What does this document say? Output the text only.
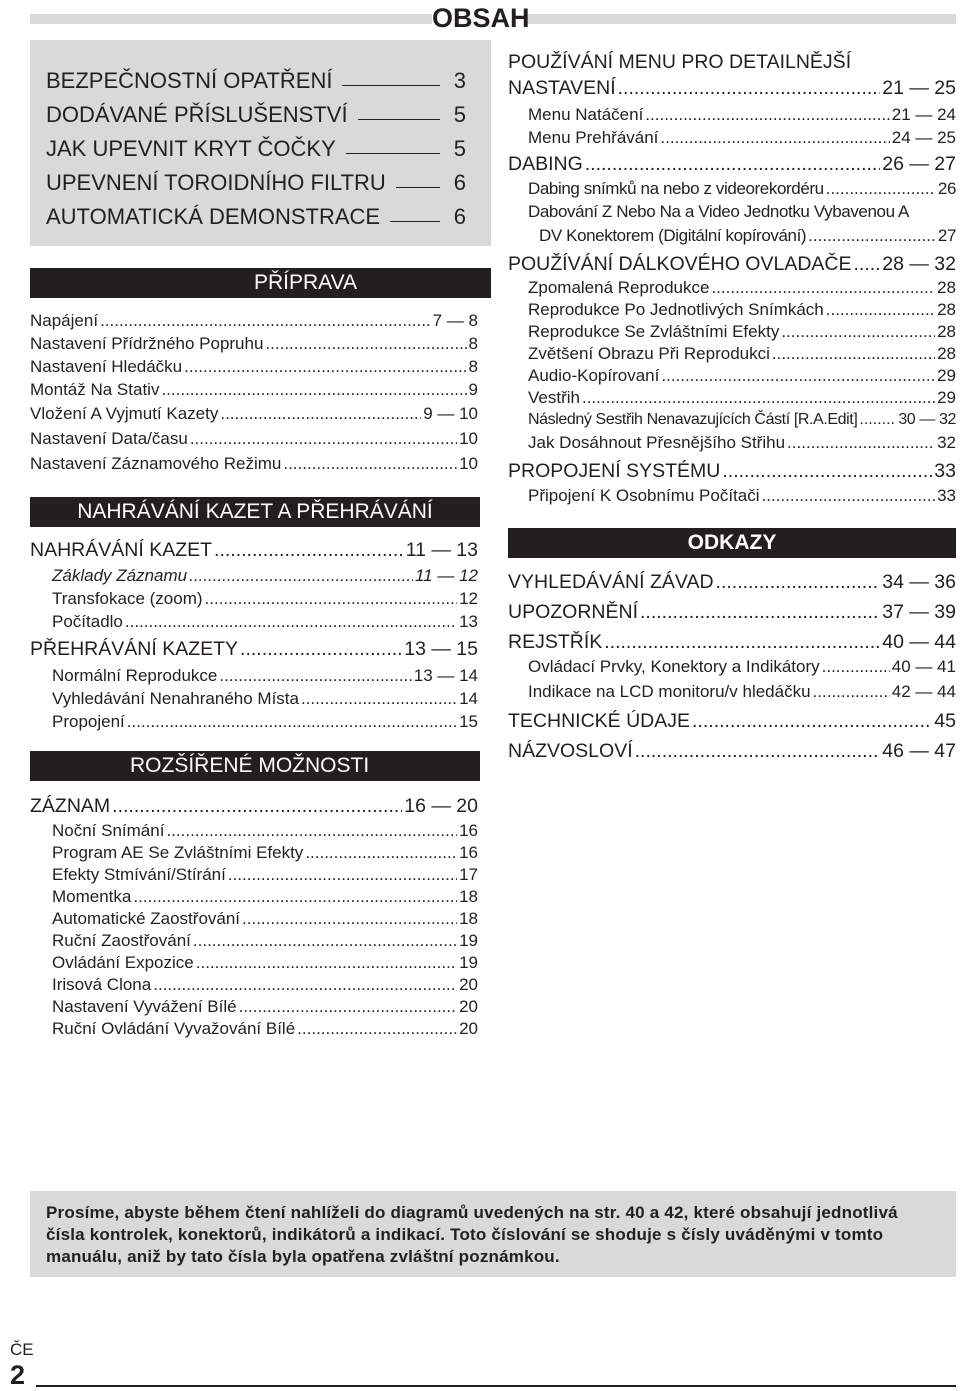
OBSAH
BEZPEČNOSTNÍ OPATŘENÍ	3
DODÁVANÉ PŘÍSLUŠENSTVÍ	5
JAK UPEVNIT KRYT ČOČKY	5
UPEVNENÍ TOROIDNÍHO FILTRU	6
AUTOMATICKÁ DEMONSTRACE	6
PŘÍPRAVA
Napájení .....	7 — 8
Nastavení Přídržného Popruhu .....	8
Nastavení Hledáčku .....	8
Montáž Na Stativ .....	9
Vložení A Vyjmutí Kazety .....	9 — 10
Nastavení Data/času .....	10
Nastavení Záznamového Režimu .....	10
NAHRÁVÁNÍ KAZET A PŘEHRÁVÁNÍ
NAHRÁVÁNÍ KAZET .....	11 — 13
Základy Záznamu .....	11 — 12
Transfokace (zoom) .....	12
Počítadlo .....	13
PŘEHRÁVÁNÍ KAZETY .....	13 — 15
Normální Reprodukce .....	13 — 14
Vyhledávání Nenahraného Místa .....	14
Propojení .....	15
ROZŠÍŘENÉ MOŽNOSTI
ZÁZNAM .....	16 — 20
Noční Snímání .....	16
Program AE Se Zvláštními Efekty .....	16
Efekty Stmívání/Stírání .....	17
Momentka .....	18
Automatické Zaostřování .....	18
Ruční Zaostřování .....	19
Ovládání Expozice .....	19
Irisová Clona .....	20
Nastavení Vyvážení Bílé .....	20
Ruční Ovládání Vyvažování Bílé .....	20
POUŽÍVÁNÍ MENU PRO DETAILNĚJŠÍ
NASTAVENÍ .....	21 — 25
Menu Natáčení .....	21 — 24
Menu Prehřávání .....	24 — 25
DABING .....	26 — 27
Dabing snímků na nebo z videorekordéru .....	26
Dabování Z Nebo Na a Video Jednotku Vybavenou A
DV Konektorem (Digitální kopírování) .....	27
POUŽÍVÁNÍ DÁLKOVÉHO OVLADAČE ..... 28 — 32
Zpomalená Reprodukce .....	28
Reprodukce Po Jednotlivých Snímkách .....	28
Reprodukce Se Zvláštními Efekty .....	28
Zvětšení Obrazu Při Reprodukci .....	28
Audio-Kopírovaní .....	29
Vestřih .....	29
Následný Sestřih Nenavazujících Částí [R.A.Edit] .....	30 — 32
Jak Dosáhnout Přesnějšího Střihu .....	32
PROPOJENÍ SYSTÉMU .....	33
Připojení K Osobnímu Počítači .....	33
ODKAZY
VYHLEDÁVÁNÍ ZÁVAD .....	34 — 36
UPOZORNĚNÍ .....	37 — 39
REJSTŘÍK .....	40 — 44
Ovládací Prvky, Konektory a Indikátory .....	40 — 41
Indikace na LCD monitoru/v hledáčku .....	42 — 44
TECHNICKÉ ÚDAJE .....	45
NÁZVOSLOVÍ .....	46 — 47

Prosíme, abyste během čtení nahlíželi do diagramů uvedených na str. 40 a 42, které obsahují jednotlivá čísla kontrolek, konektorů, indikátorů a indikací. Toto číslování se shoduje s čísly uváděnými v tomto manuálu, aniž by tato čísla byla opatřena zvláštní poznámkou.

ČE
2
